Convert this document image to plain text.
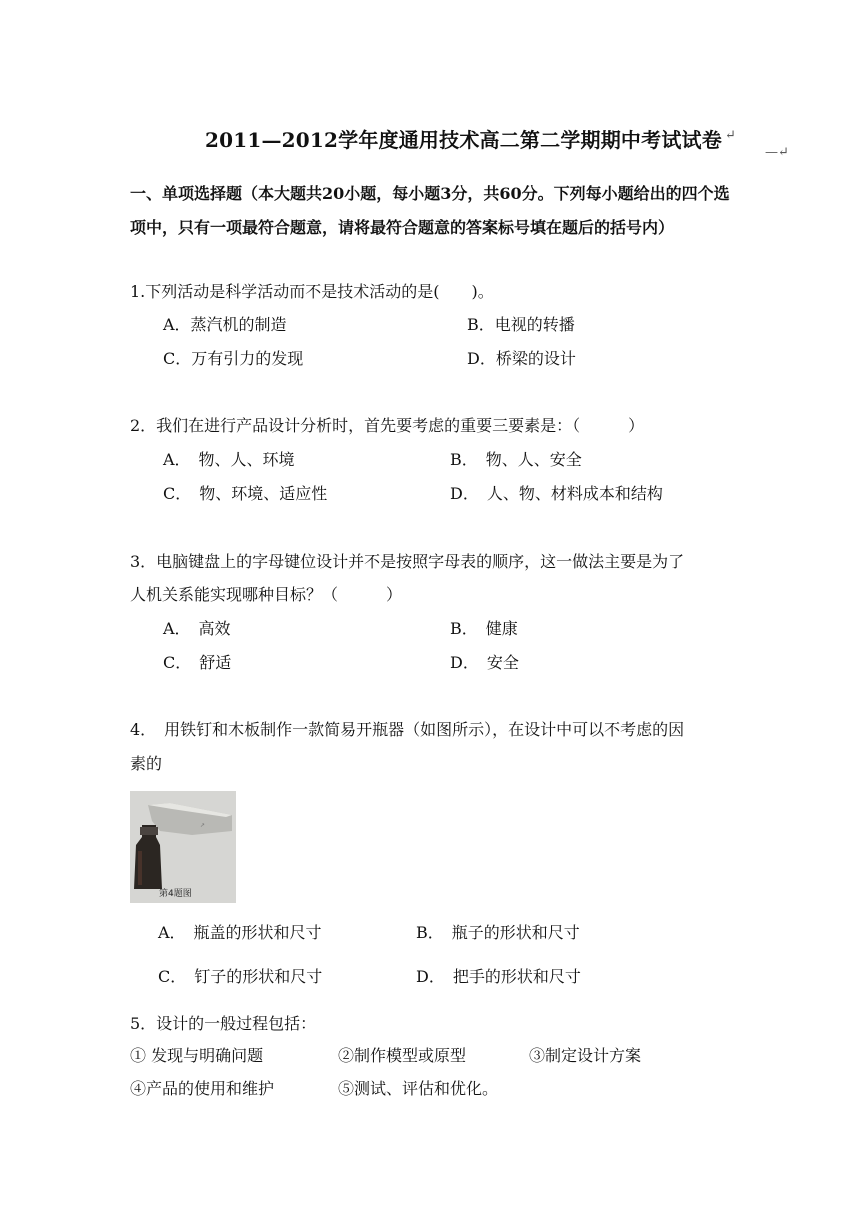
2011—2012学年度通用技术高二第二学期期中考试试卷 ↵
—↵
一、单项选择题（本大题共20小题，每小题3分，共60分。下列每小题给出的四个选项中，只有一项最符合题意，请将最符合题意的答案标号填在题后的括号内）
1.下列活动是科学活动而不是技术活动的是(　　)。
A．蒸汽机的制造	B．电视的转播
C．万有引力的发现	D．桥梁的设计
2．我们在进行产品设计分析时，首先要考虑的重要三要素是：（　　　）
A．　物、人、环境	B．　物、人、安全
C．　物、环境、适应性	D．　人、物、材料成本和结构
3．电脑键盘上的字母键位设计并不是按照字母表的顺序，这一做法主要是为了
人机关系能实现哪种目标？（　　　）
A．　高效	B．　健康
C．　舒适	D．　安全
4．　用铁钉和木板制作一款简易开瓶器（如图所示），在设计中可以不考虑的因
素的
↗
第4题图
A．　瓶盖的形状和尺寸	B．　瓶子的形状和尺寸
C．　钉子的形状和尺寸	D．　把手的形状和尺寸
5．设计的一般过程包括：
① 发现与明确问题	②制作模型或原型	③制定设计方案
④产品的使用和维护	⑤测试、评估和优化。
